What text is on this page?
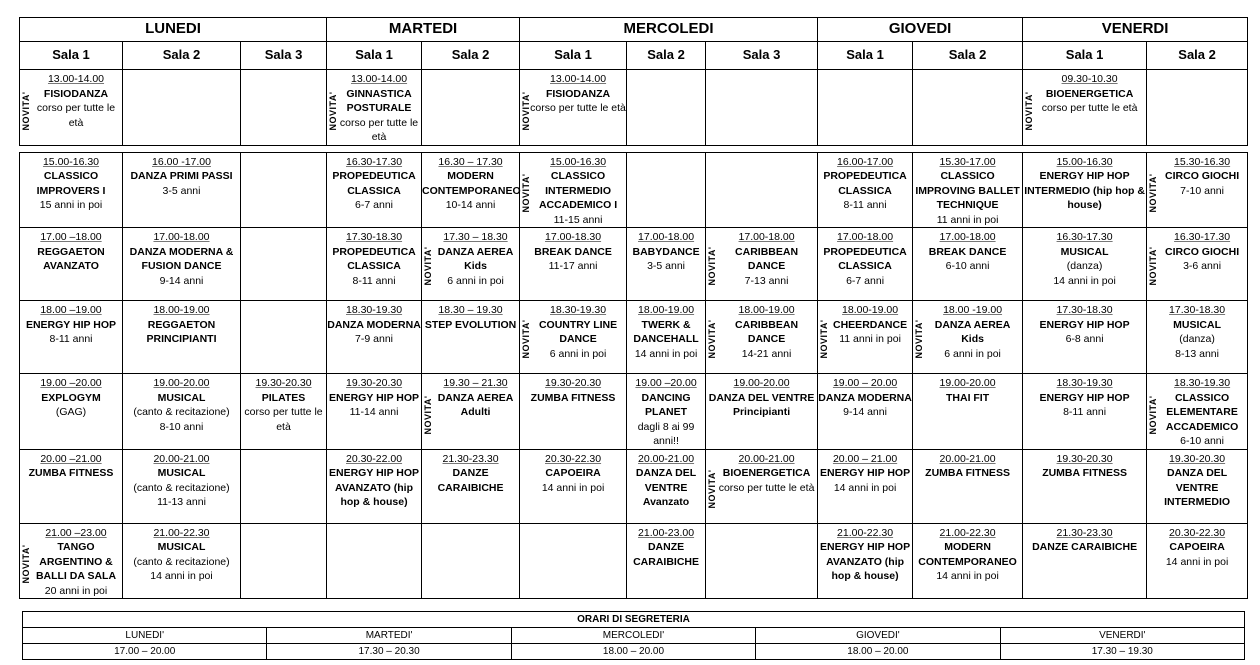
LUNEDI			MARTEDI		MERCOLEDI			GIOVEDI		VENERDI	
Sala 1	Sala 2	Sala 3	Sala 1	Sala 2	Sala 1	Sala 2	Sala 3	Sala 1	Sala 2	Sala 1	Sala 2

13.00-14.00
FISIODANZA
corso per tutte le età
NOVITA'			13.00-14.00
GINNASTICA POSTURALE
corso per tutte le età
NOVITA'		13.00-14.00
FISIODANZA
corso per tutte le età
NOVITA'					09.30-10.30
BIOENERGETICA
corso per tutte le età
NOVITA'	

15.00-16.30
CLASSICO IMPROVERS I
15 anni in poi	16.00 -17.00
DANZA PRIMI PASSI
3-5 anni		16.30-17.30
PROPEDEUTICA CLASSICA
6-7 anni	16.30 – 17.30
MODERN CONTEMPORANEO
10-14 anni	15.00-16.30
CLASSICO INTERMEDIO ACCADEMICO I
11-15 anni
NOVITA'			16.00-17.00
PROPEDEUTICA CLASSICA
8-11 anni	15.30-17.00
CLASSICO IMPROVING BALLET TECHNIQUE
11 anni in poi	15.00-16.30
ENERGY HIP HOP INTERMEDIO (hip hop & house)	15.30-16.30
CIRCO GIOCHI
7-10 anni
NOVITA'

17.00 –18.00
REGGAETON AVANZATO	17.00-18.00
DANZA MODERNA & FUSION DANCE
9-14 anni		17.30-18.30
PROPEDEUTICA CLASSICA
8-11 anni	17.30 – 18.30
DANZA AEREA Kids
6 anni in poi
NOVITA'	17.00-18.30
BREAK DANCE
11-17 anni	17.00-18.00
BABYDANCE
3-5 anni	17.00-18.00
CARIBBEAN DANCE
7-13 anni
NOVITA'	17.00-18.00
PROPEDEUTICA CLASSICA
6-7 anni	17.00-18.00
BREAK DANCE
6-10 anni	16.30-17.30
MUSICAL
(danza)
14 anni in poi	16.30-17.30
CIRCO GIOCHI
3-6 anni
NOVITA'

18.00 –19.00
ENERGY HIP HOP
8-11 anni	18.00-19.00
REGGAETON PRINCIPIANTI		18.30-19.30
DANZA MODERNA
7-9 anni	18.30 – 19.30
STEP EVOLUTION	18.30-19.30
COUNTRY LINE DANCE
6 anni in poi
NOVITA'	18.00-19.00
TWERK & DANCEHALL
14 anni in poi	18.00-19.00
CARIBBEAN DANCE
14-21 anni
NOVITA'	18.00-19.00
CHEERDANCE
11 anni in poi
NOVITA'	18.00 -19.00
DANZA AEREA Kids
6 anni in poi
NOVITA'	17.30-18.30
ENERGY HIP HOP
6-8 anni	17.30-18.30
MUSICAL
(danza)
8-13 anni

19.00 –20.00
EXPLOGYM
(GAG)	19.00-20.00
MUSICAL
(canto & recitazione)
8-10 anni	19.30-20.30
PILATES
corso per tutte le età	19.30-20.30
ENERGY HIP HOP
11-14 anni	19.30 – 21.30
DANZA AEREA Adulti
NOVITA'	19.30-20.30
ZUMBA FITNESS	19.00 –20.00
DANCING PLANET
dagli 8 ai 99 anni!!	19.00-20.00
DANZA DEL VENTRE Principianti	19.00 – 20.00
DANZA MODERNA
9-14 anni	19.00-20.00
THAI FIT	18.30-19.30
ENERGY HIP HOP
8-11 anni	18.30-19.30
CLASSICO ELEMENTARE ACCADEMICO
6-10 anni
NOVITA'

20.00 –21.00
ZUMBA FITNESS	20.00-21.00
MUSICAL
(canto & recitazione)
11-13 anni		20.30-22.00
ENERGY HIP HOP AVANZATO (hip hop & house)	21.30-23.30
DANZE CARAIBICHE	20.30-22.30
CAPOEIRA
14 anni in poi	20.00-21.00
DANZA DEL VENTRE Avanzato	20.00-21.00
BIOENERGETICA
corso per tutte le età
NOVITA'	20.00 – 21.00
ENERGY HIP HOP
14 anni in poi	20.00-21.00
ZUMBA FITNESS	19.30-20.30
ZUMBA FITNESS	19.30-20.30
DANZA DEL VENTRE INTERMEDIO

21.00 –23.00
TANGO ARGENTINO & BALLI DA SALA
20 anni in poi
NOVITA'	21.00-22.30
MUSICAL
(canto & recitazione)
14 anni in poi					21.00-23.00
DANZE CARAIBICHE		21.00-22.30
ENERGY HIP HOP AVANZATO (hip hop & house)	21.00-22.30
MODERN CONTEMPORANEO
14 anni in poi	21.30-23.30
DANZE CARAIBICHE	20.30-22.30
CAPOEIRA
14 anni in poi
ORARI DI SEGRETERIA				
LUNEDI'	MARTEDI'	MERCOLEDI'	GIOVEDI'	VENERDI'
17.00 – 20.00	17.30 – 20.30	18.00 – 20.00	18.00 – 20.00	17.30 – 19.30
